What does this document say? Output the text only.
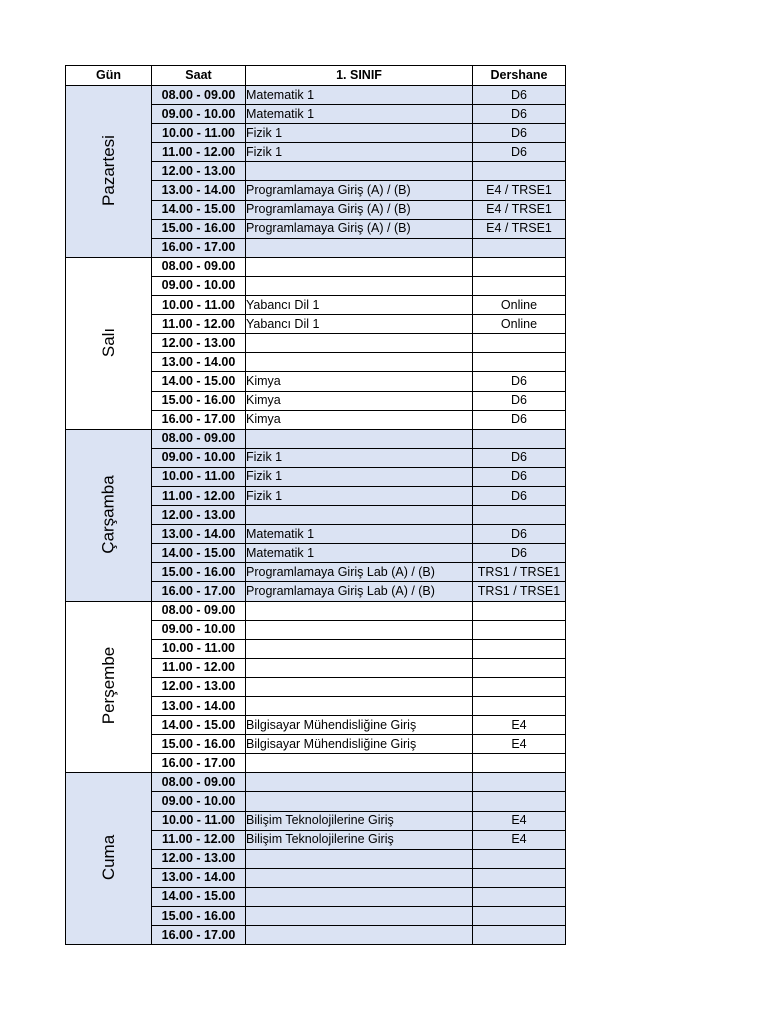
Gün	Saat	1. SINIF	Dershane
Pazartesi	08.00 - 09.00	Matematik 1	D6
	09.00 - 10.00	Matematik 1	D6
	10.00 - 11.00	Fizik 1	D6
	11.00 - 12.00	Fizik 1	D6
	12.00 - 13.00		
	13.00 - 14.00	Programlamaya Giriş (A) / (B)	E4 / TRSE1
	14.00 - 15.00	Programlamaya Giriş (A) / (B)	E4 / TRSE1
	15.00 - 16.00	Programlamaya Giriş (A) / (B)	E4 / TRSE1
	16.00 - 17.00		
Salı	08.00 - 09.00		
	09.00 - 10.00		
	10.00 - 11.00	Yabancı Dil 1	Online
	11.00 - 12.00	Yabancı Dil 1	Online
	12.00 - 13.00		
	13.00 - 14.00		
	14.00 - 15.00	Kimya	D6
	15.00 - 16.00	Kimya	D6
	16.00 - 17.00	Kimya	D6
Çarşamba	08.00 - 09.00		
	09.00 - 10.00	Fizik 1	D6
	10.00 - 11.00	Fizik 1	D6
	11.00 - 12.00	Fizik 1	D6
	12.00 - 13.00		
	13.00 - 14.00	Matematik 1	D6
	14.00 - 15.00	Matematik 1	D6
	15.00 - 16.00	Programlamaya Giriş Lab (A) / (B)	TRS1 / TRSE1
	16.00 - 17.00	Programlamaya Giriş Lab (A) / (B)	TRS1 / TRSE1
Perşembe	08.00 - 09.00		
	09.00 - 10.00		
	10.00 - 11.00		
	11.00 - 12.00		
	12.00 - 13.00		
	13.00 - 14.00		
	14.00 - 15.00	Bilgisayar Mühendisliğine Giriş	E4
	15.00 - 16.00	Bilgisayar Mühendisliğine Giriş	E4
	16.00 - 17.00		
Cuma	08.00 - 09.00		
	09.00 - 10.00		
	10.00 - 11.00	Bilişim Teknolojilerine Giriş	E4
	11.00 - 12.00	Bilişim Teknolojilerine Giriş	E4
	12.00 - 13.00		
	13.00 - 14.00		
	14.00 - 15.00		
	15.00 - 16.00		
	16.00 - 17.00		
